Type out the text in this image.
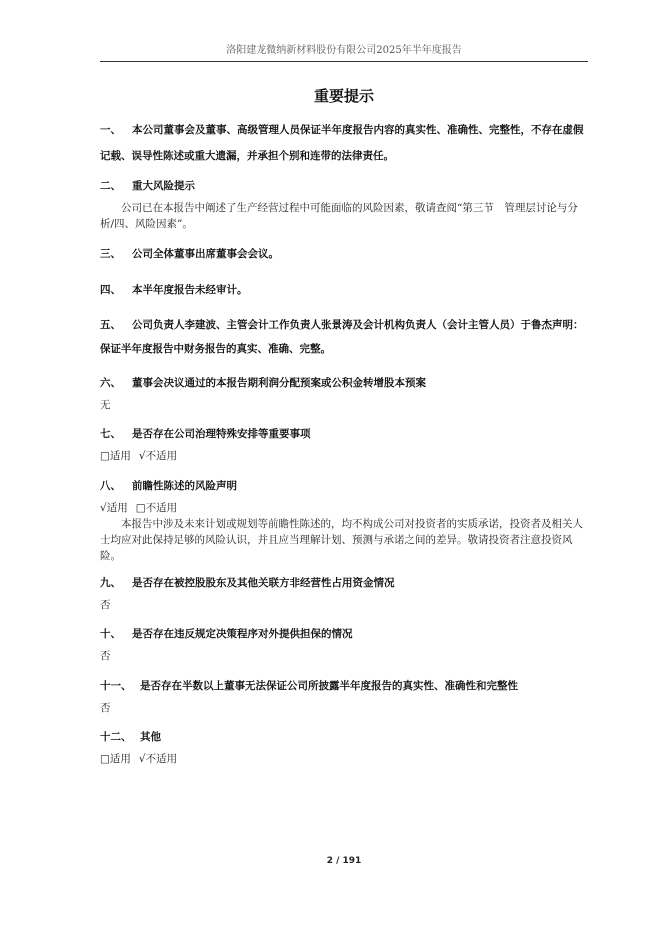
洛阳建龙微纳新材料股份有限公司2025年半年度报告
重要提示
一、 本公司董事会及董事、高级管理人员保证半年度报告内容的真实性、准确性、完整性，不存在虚假记载、误导性陈述或重大遗漏，并承担个别和连带的法律责任。
二、 重大风险提示

公司已在本报告中阐述了生产经营过程中可能面临的风险因素，敬请查阅“第三节　管理层讨论与分析/四、风险因素”。

三、 公司全体董事出席董事会会议。
四、 本半年度报告未经审计。
五、 公司负责人李建波、主管会计工作负责人张景涛及会计机构负责人（会计主管人员）于鲁杰声明：保证半年度报告中财务报告的真实、准确、完整。
六、 董事会决议通过的本报告期利润分配预案或公积金转增股本预案
无
七、 是否存在公司治理特殊安排等重要事项
□适用 √不适用
八、 前瞻性陈述的风险声明
√适用 □不适用

本报告中涉及未来计划或规划等前瞻性陈述的，均不构成公司对投资者的实质承诺，投资者及相关人士均应对此保持足够的风险认识，并且应当理解计划、预测与承诺之间的差异。敬请投资者注意投资风险。

九、 是否存在被控股股东及其他关联方非经营性占用资金情况
否
十、 是否存在违反规定决策程序对外提供担保的情况
否
十一、 是否存在半数以上董事无法保证公司所披露半年度报告的真实性、准确性和完整性
否
十二、 其他
□适用 √不适用
2 / 191
